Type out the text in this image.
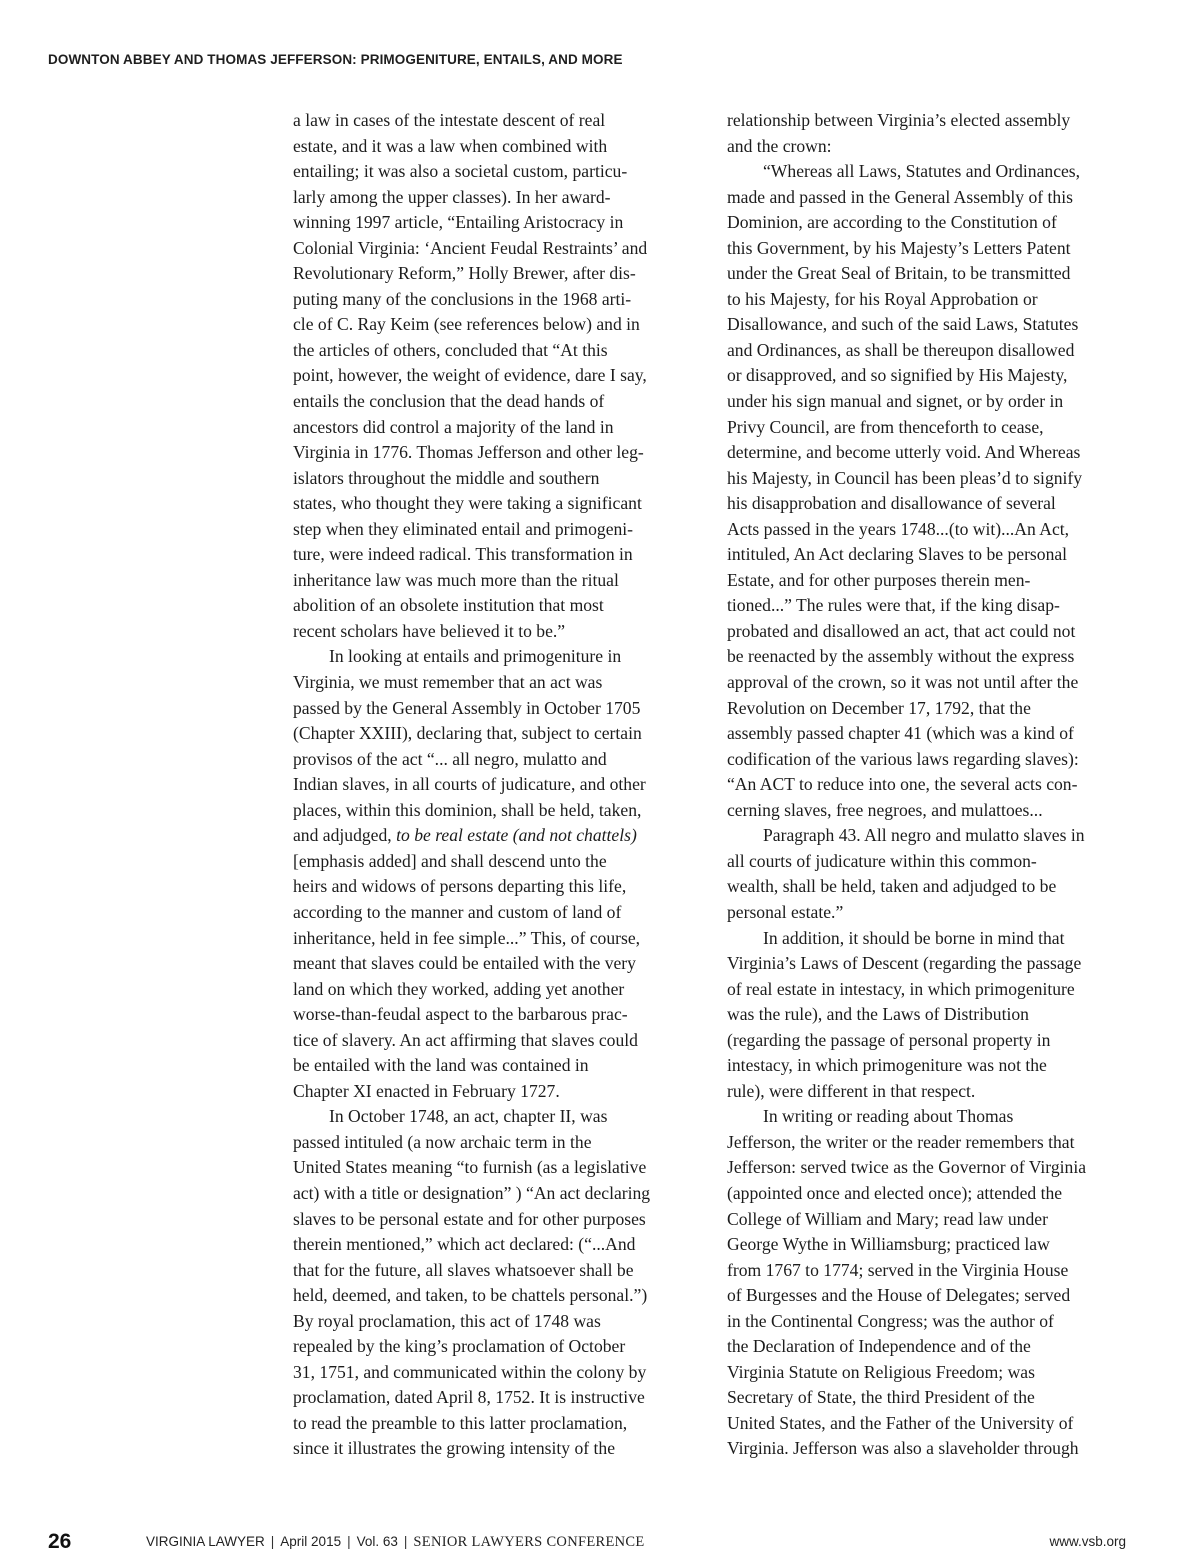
DOWNTON ABBEY AND THOMAS JEFFERSON: PRIMOGENITURE, ENTAILS, AND MORE
a law in cases of the intestate descent of real
estate, and it was a law when combined with
entailing; it was also a societal custom, particu-
larly among the upper classes). In her award-
winning 1997 article, “Entailing Aristocracy in
Colonial Virginia: ‘Ancient Feudal Restraints’ and
Revolutionary Reform,” Holly Brewer, after dis-
puting many of the conclusions in the 1968 arti-
cle of C. Ray Keim (see references below) and in
the articles of others, concluded that “At this
point, however, the weight of evidence, dare I say,
entails the conclusion that the dead hands of
ancestors did control a majority of the land in
Virginia in 1776. Thomas Jefferson and other leg-
islators throughout the middle and southern
states, who thought they were taking a significant
step when they eliminated entail and primogeni-
ture, were indeed radical. This transformation in
inheritance law was much more than the ritual
abolition of an obsolete institution that most
recent scholars have believed it to be.”
In looking at entails and primogeniture in
Virginia, we must remember that an act was
passed by the General Assembly in October 1705
(Chapter XXIII), declaring that, subject to certain
provisos of the act “... all negro, mulatto and
Indian slaves, in all courts of judicature, and other
places, within this dominion, shall be held, taken,
and adjudged, to be real estate (and not chattels)
[emphasis added] and shall descend unto the
heirs and widows of persons departing this life,
according to the manner and custom of land of
inheritance, held in fee simple...” This, of course,
meant that slaves could be entailed with the very
land on which they worked, adding yet another
worse-than-feudal aspect to the barbarous prac-
tice of slavery. An act affirming that slaves could
be entailed with the land was contained in
Chapter XI enacted in February 1727.
In October 1748, an act, chapter II, was
passed intituled (a now archaic term in the
United States meaning “to furnish (as a legislative
act) with a title or designation” ) “An act declaring
slaves to be personal estate and for other purposes
therein mentioned,” which act declared: (“...And
that for the future, all slaves whatsoever shall be
held, deemed, and taken, to be chattels personal.”)
By royal proclamation, this act of 1748 was
repealed by the king’s proclamation of October
31, 1751, and communicated within the colony by
proclamation, dated April 8, 1752. It is instructive
to read the preamble to this latter proclamation,
since it illustrates the growing intensity of the
relationship between Virginia’s elected assembly
and the crown:
“Whereas all Laws, Statutes and Ordinances,
made and passed in the General Assembly of this
Dominion, are according to the Constitution of
this Government, by his Majesty’s Letters Patent
under the Great Seal of Britain, to be transmitted
to his Majesty, for his Royal Approbation or
Disallowance, and such of the said Laws, Statutes
and Ordinances, as shall be thereupon disallowed
or disapproved, and so signified by His Majesty,
under his sign manual and signet, or by order in
Privy Council, are from thenceforth to cease,
determine, and become utterly void. And Whereas
his Majesty, in Council has been pleas’d to signify
his disapprobation and disallowance of several
Acts passed in the years 1748...(to wit)...An Act,
intituled, An Act declaring Slaves to be personal
Estate, and for other purposes therein men-
tioned...” The rules were that, if the king disap-
probated and disallowed an act, that act could not
be reenacted by the assembly without the express
approval of the crown, so it was not until after the
Revolution on December 17, 1792, that the
assembly passed chapter 41 (which was a kind of
codification of the various laws regarding slaves):
“An ACT to reduce into one, the several acts con-
cerning slaves, free negroes, and mulattoes...
Paragraph 43. All negro and mulatto slaves in
all courts of judicature within this common-
wealth, shall be held, taken and adjudged to be
personal estate.”
In addition, it should be borne in mind that
Virginia’s Laws of Descent (regarding the passage
of real estate in intestacy, in which primogeniture
was the rule), and the Laws of Distribution
(regarding the passage of personal property in
intestacy, in which primogeniture was not the
rule), were different in that respect.
In writing or reading about Thomas
Jefferson, the writer or the reader remembers that
Jefferson: served twice as the Governor of Virginia
(appointed once and elected once); attended the
College of William and Mary; read law under
George Wythe in Williamsburg; practiced law
from 1767 to 1774; served in the Virginia House
of Burgesses and the House of Delegates; served
in the Continental Congress; was the author of
the Declaration of Independence and of the
Virginia Statute on Religious Freedom; was
Secretary of State, the third President of the
United States, and the Father of the University of
Virginia. Jefferson was also a slaveholder through
26	VIRGINIA LAWYER | April 2015 | Vol. 63 | SENIOR LAWYERS CONFERENCE	www.vsb.org
